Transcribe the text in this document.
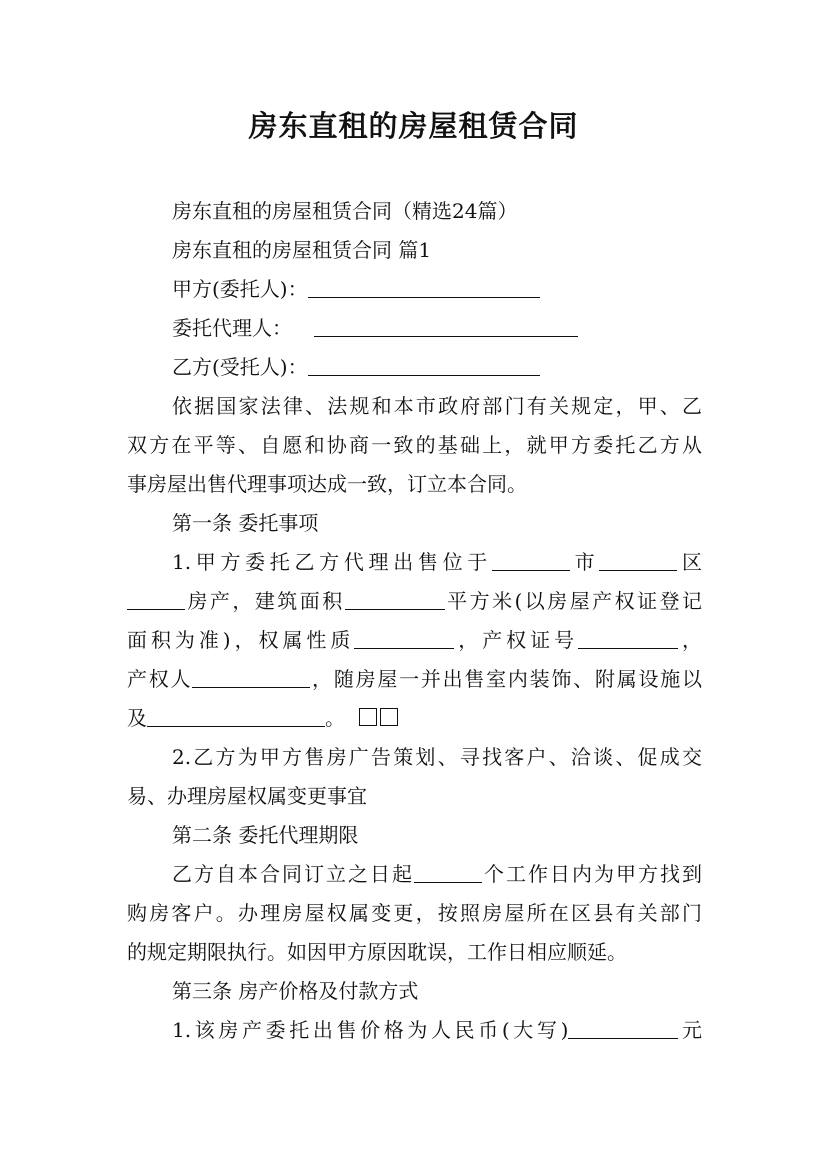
房东直租的房屋租赁合同
房东直租的房屋租赁合同（精选24篇）
房东直租的房屋租赁合同 篇1
甲方(委托人)：
委托代理人：
乙方(受托人)：
依据国家法律、法规和本市政府部门有关规定，甲、乙
双方在平等、自愿和协商一致的基础上，就甲方委托乙方从
事房屋出售代理事项达成一致，订立本合同。
第一条 委托事项
1.甲方委托乙方代理出售位于	市	区
房产，建筑面积	平方米(以房屋产权证登记
面积为准)，权属性质	，产权证号	，
产权人	，随房屋一并出售室内装饰、附属设施以
及	。
2.乙方为甲方售房广告策划、寻找客户、洽谈、促成交
易、办理房屋权属变更事宜
第二条 委托代理期限
乙方自本合同订立之日起	个工作日内为甲方找到
购房客户。办理房屋权属变更，按照房屋所在区县有关部门
的规定期限执行。如因甲方原因耽误，工作日相应顺延。
第三条 房产价格及付款方式
1.该房产委托出售价格为人民币(大写)	元
